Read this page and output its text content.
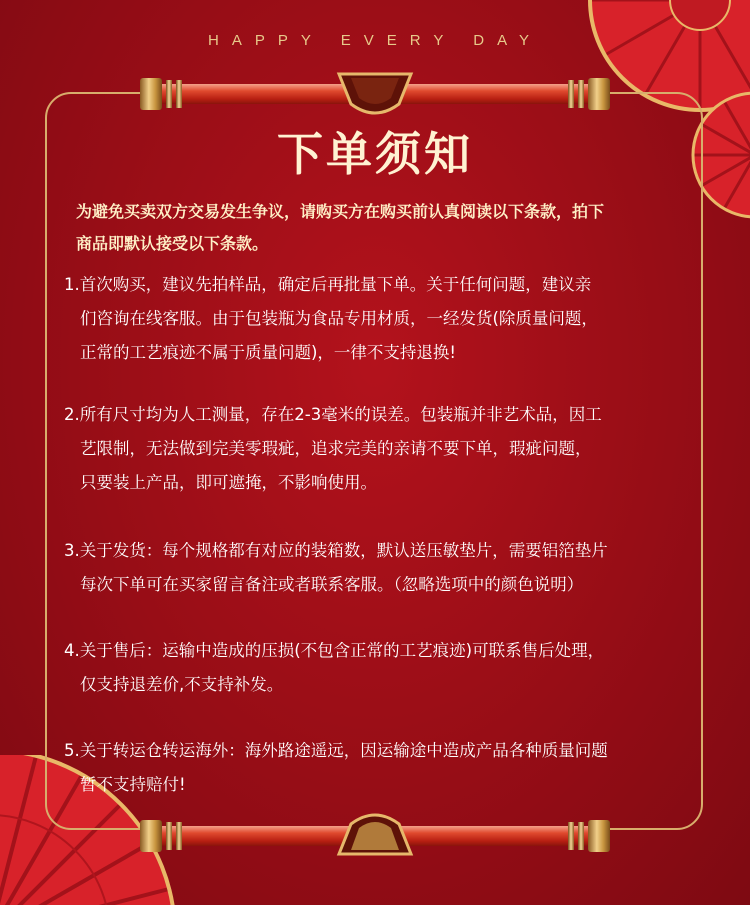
HAPPY EVERY DAY
下单须知
为避免买卖双方交易发生争议，请购买方在购买前认真阅读以下条款，拍下
商品即默认接受以下条款。
1.首次购买，建议先拍样品，确定后再批量下单。关于任何问题，建议亲
们咨询在线客服。由于包装瓶为食品专用材质，一经发货(除质量问题，
正常的工艺痕迹不属于质量问题)，一律不支持退换!
2.所有尺寸均为人工测量，存在2-3毫米的误差。包装瓶并非艺术品，因工
艺限制，无法做到完美零瑕疵，追求完美的亲请不要下单，瑕疵问题，
只要装上产品，即可遮掩，不影响使用。
3.关于发货：每个规格都有对应的装箱数，默认送压敏垫片，需要铝箔垫片
每次下单可在买家留言备注或者联系客服。（忽略选项中的颜色说明）
4.关于售后：运输中造成的压损(不包含正常的工艺痕迹)可联系售后处理，
仅支持退差价,不支持补发。
5.关于转运仓转运海外：海外路途遥远，因运输途中造成产品各种质量问题
暂不支持赔付!
